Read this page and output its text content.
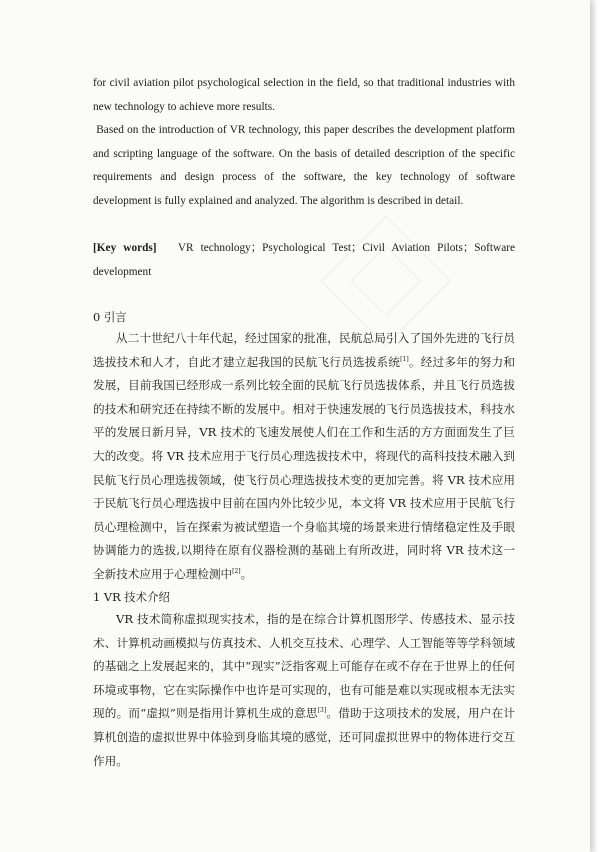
for civil aviation pilot psychological selection in the field, so that traditional industries with new technology to achieve more results.
Based on the introduction of VR technology, this paper describes the development platform and scripting language of the software. On the basis of detailed description of the specific requirements and design process of the software, the key technology of software development is fully explained and analyzed. The algorithm is described in detail.
[Key words] VR technology；Psychological Test；Civil Aviation Pilots；Software development
0 引言
从二十世纪八十年代起，经过国家的批准，民航总局引入了国外先进的飞行员选拔技术和人才，自此才建立起我国的民航飞行员选拔系统[1]。经过多年的努力和发展，目前我国已经形成一系列比较全面的民航飞行员选拔体系，并且飞行员选拔的技术和研究还在持续不断的发展中。相对于快速发展的飞行员选拔技术，科技水平的发展日新月异，VR 技术的飞速发展使人们在工作和生活的方方面面发生了巨大的改变。将 VR 技术应用于飞行员心理选拔技术中，将现代的高科技技术融入到民航飞行员心理选拔领域，使飞行员心理选拔技术变的更加完善。将 VR 技术应用于民航飞行员心理选拔中目前在国内外比较少见，本文将 VR 技术应用于民航飞行员心理检测中，旨在探索为被试塑造一个身临其境的场景来进行情绪稳定性及手眼协调能力的选拔,以期待在原有仪器检测的基础上有所改进，同时将 VR 技术这一全新技术应用于心理检测中[2]。
1 VR 技术介绍
VR 技术简称虚拟现实技术，指的是在综合计算机图形学、传感技术、显示技术、计算机动画模拟与仿真技术、人机交互技术、心理学、人工智能等等学科领域的基础之上发展起来的，其中“现实”泛指客观上可能存在或不存在于世界上的任何环境或事物，它在实际操作中也许是可实现的，也有可能是难以实现或根本无法实现的。而“虚拟”则是指用计算机生成的意思[3]。借助于这项技术的发展，用户在计算机创造的虚拟世界中体验到身临其境的感觉，还可同虚拟世界中的物体进行交互作用。
